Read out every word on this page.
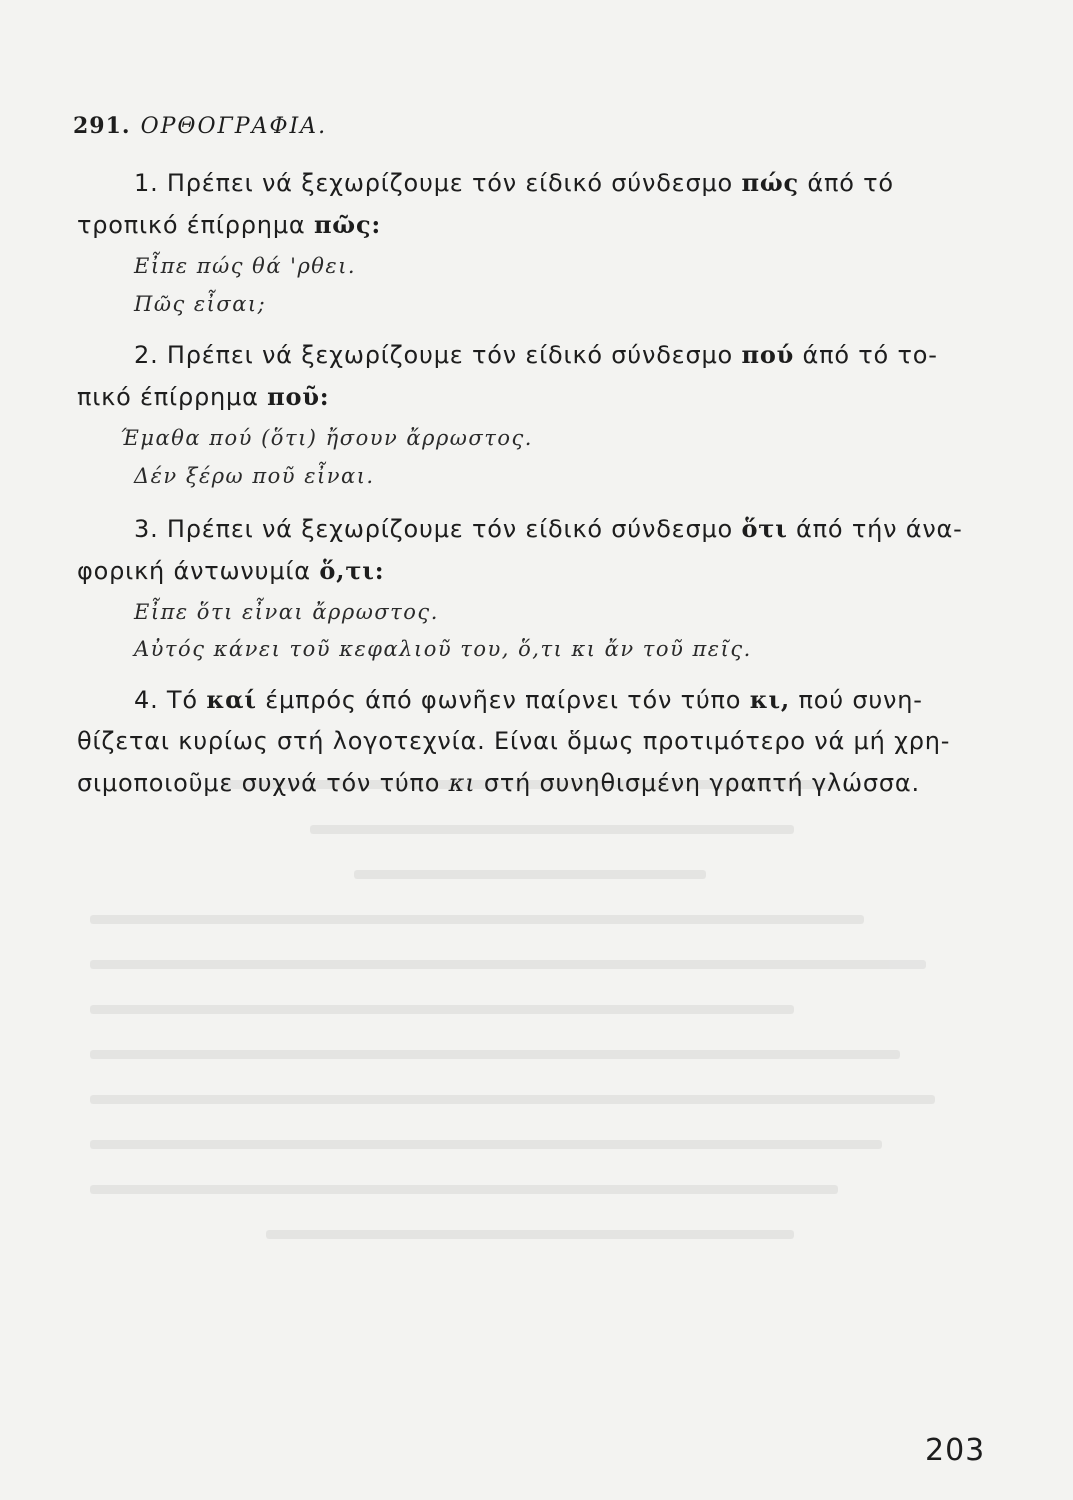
291. ΟΡΘΟΓΡΑΦΙΑ.
1. Πρέπει νά ξεχωρίζουμε τόν είδικό σύνδεσμο πώς άπό τό
τροπικό έπίρρημα πῶς:
Εἶπε πώς θά 'ρθει.
Πῶς εἶσαι;
2. Πρέπει νά ξεχωρίζουμε τόν είδικό σύνδεσμο πού άπό τό το-
πικό έπίρρημα ποῦ:
Έμαθα πού (ὅτι) ἤσουν ἄρρωστος.
Δέν ξέρω ποῦ εἶναι.
3. Πρέπει νά ξεχωρίζουμε τόν είδικό σύνδεσμο ὅτι άπό τήν άνα-
φορική άντωνυμία ὅ,τι:
Εἶπε ὅτι εἶναι ἄρρωστος.
Αὐτός κάνει τοῦ κεφαλιοῦ του, ὅ,τι κι ἄν τοῦ πεῖς.
4. Τό καί έμπρός άπό φωνῆεν παίρνει τόν τύπο κι, πού συνη-
θίζεται κυρίως στή λογοτεχνία. Είναι ὅμως προτιμότερο νά μή χρη-
σιμοποιοῦμε συχνά τόν τύπο κι στή συνηθισμένη γραπτή γλώσσα.
203
